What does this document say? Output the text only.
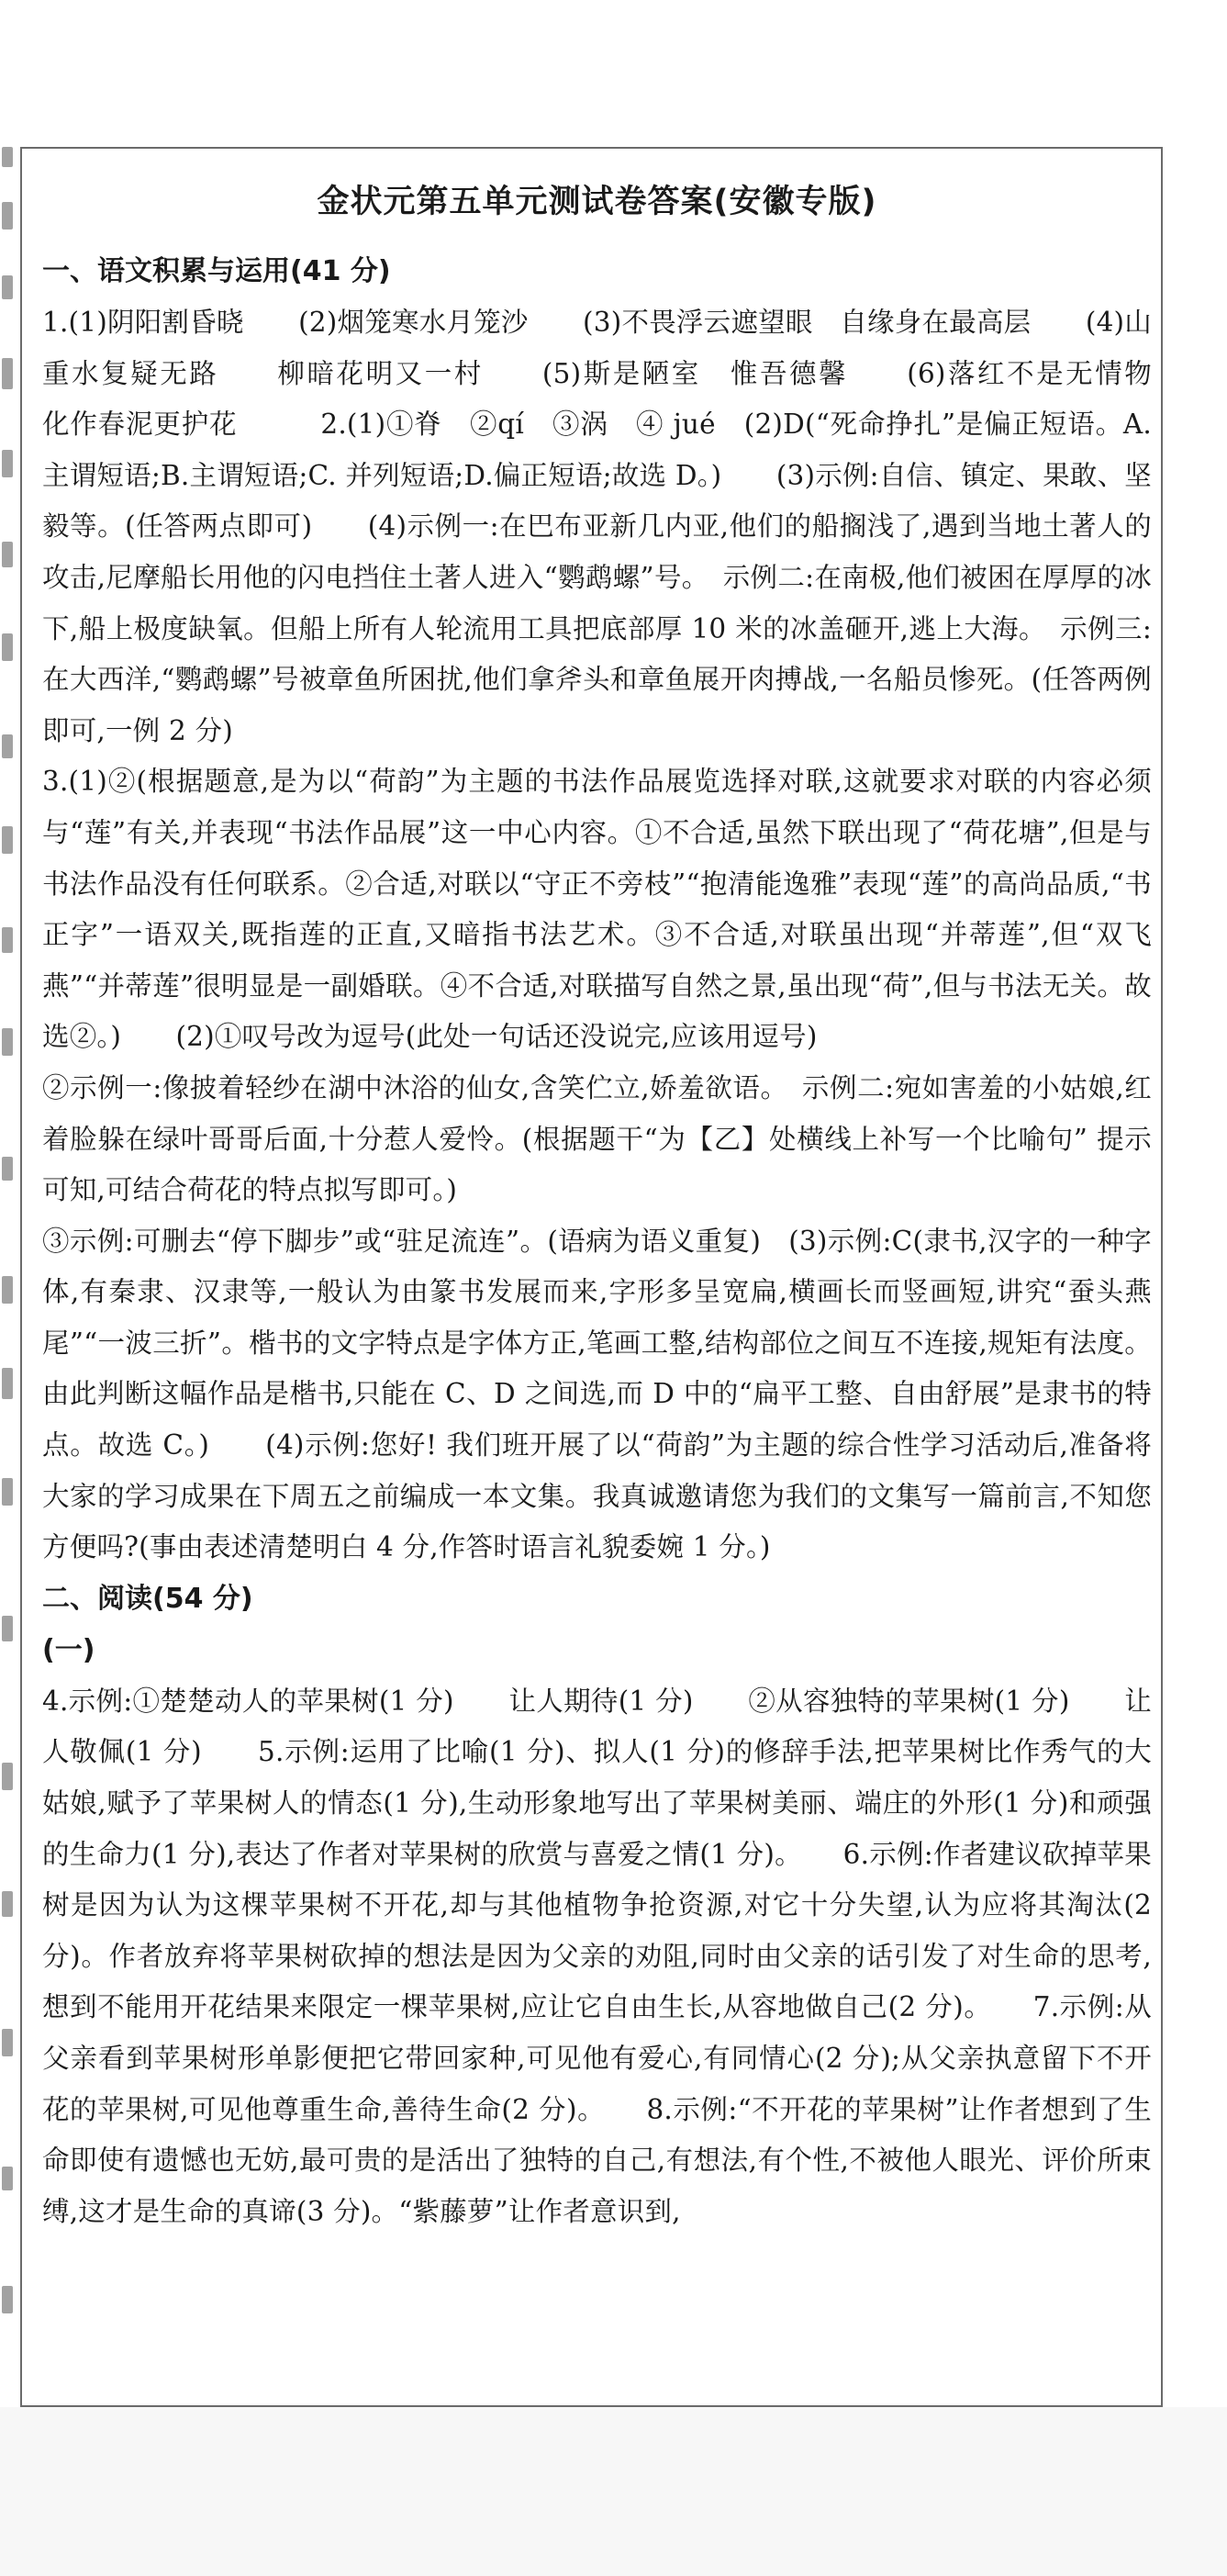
金状元第五单元测试卷答案(安徽专版)
一、语文积累与运用(41 分)

1.(1)阴阳割昏晓　　(2)烟笼寒水月笼沙　　(3)不畏浮云遮望眼　自缘身在最高层　　(4)山重水复疑无路　　柳暗花明又一村　　(5)斯是陋室　惟吾德馨　　(6)落红不是无情物　　化作春泥更护花　　　2.(1)①脊　②qí　③涡　④ jué　(2)D(“死命挣扎”是偏正短语。A.主谓短语;B.主谓短语;C. 并列短语;D.偏正短语;故选 D。)　　(3)示例:自信、镇定、果敢、坚毅等。(任答两点即可)　　(4)示例一:在巴布亚新几内亚,他们的船搁浅了,遇到当地土著人的攻击,尼摩船长用他的闪电挡住土著人进入“鹦鹉螺”号。　示例二:在南极,他们被困在厚厚的冰下,船上极度缺氧。但船上所有人轮流用工具把底部厚 10 米的冰盖砸开,逃上大海。　示例三:在大西洋,“鹦鹉螺”号被章鱼所困扰,他们拿斧头和章鱼展开肉搏战,一名船员惨死。(任答两例即可,一例 2 分)

3.(1)②(根据题意,是为以“荷韵”为主题的书法作品展览选择对联,这就要求对联的内容必须与“莲”有关,并表现“书法作品展”这一中心内容。①不合适,虽然下联出现了“荷花塘”,但是与书法作品没有任何联系。②合适,对联以“守正不旁枝”“抱清能逸雅”表现“莲”的高尚品质,“书正字”一语双关,既指莲的正直,又暗指书法艺术。③不合适,对联虽出现“并蒂莲”,但“双飞燕”“并蒂莲”很明显是一副婚联。④不合适,对联描写自然之景,虽出现“荷”,但与书法无关。故选②。)　　(2)①叹号改为逗号(此处一句话还没说完,应该用逗号)

②示例一:像披着轻纱在湖中沐浴的仙女,含笑伫立,娇羞欲语。　示例二:宛如害羞的小姑娘,红着脸躲在绿叶哥哥后面,十分惹人爱怜。(根据题干“为【乙】处横线上补写一个比喻句” 提示可知,可结合荷花的特点拟写即可。)

③示例:可删去“停下脚步”或“驻足流连”。(语病为语义重复)　(3)示例:C(隶书,汉字的一种字体,有秦隶、汉隶等,一般认为由篆书发展而来,字形多呈宽扁,横画长而竖画短,讲究“蚕头燕尾”“一波三折”。楷书的文字特点是字体方正,笔画工整,结构部位之间互不连接,规矩有法度。由此判断这幅作品是楷书,只能在 C、D 之间选,而 D 中的“扁平工整、自由舒展”是隶书的特点。故选 C。)　　(4)示例:您好! 我们班开展了以“荷韵”为主题的综合性学习活动后,准备将大家的学习成果在下周五之前编成一本文集。我真诚邀请您为我们的文集写一篇前言,不知您方便吗?(事由表述清楚明白 4 分,作答时语言礼貌委婉 1 分。)

二、阅读(54 分)
(一)

4.示例:①楚楚动人的苹果树(1 分)　　让人期待(1 分)　　②从容独特的苹果树(1 分)　　让人敬佩(1 分)　　5.示例:运用了比喻(1 分)、拟人(1 分)的修辞手法,把苹果树比作秀气的大姑娘,赋予了苹果树人的情态(1 分),生动形象地写出了苹果树美丽、端庄的外形(1 分)和顽强的生命力(1 分),表达了作者对苹果树的欣赏与喜爱之情(1 分)。　　6.示例:作者建议砍掉苹果树是因为认为这棵苹果树不开花,却与其他植物争抢资源,对它十分失望,认为应将其淘汰(2 分)。作者放弃将苹果树砍掉的想法是因为父亲的劝阻,同时由父亲的话引发了对生命的思考,想到不能用开花结果来限定一棵苹果树,应让它自由生长,从容地做自己(2 分)。　　7.示例:从父亲看到苹果树形单影便把它带回家种,可见他有爱心,有同情心(2 分);从父亲执意留下不开花的苹果树,可见他尊重生命,善待生命(2 分)。　　8.示例:“不开花的苹果树”让作者想到了生命即使有遗憾也无妨,最可贵的是活出了独特的自己,有想法,有个性,不被他人眼光、评价所束缚,这才是生命的真谛(3 分)。“紫藤萝”让作者意识到,
